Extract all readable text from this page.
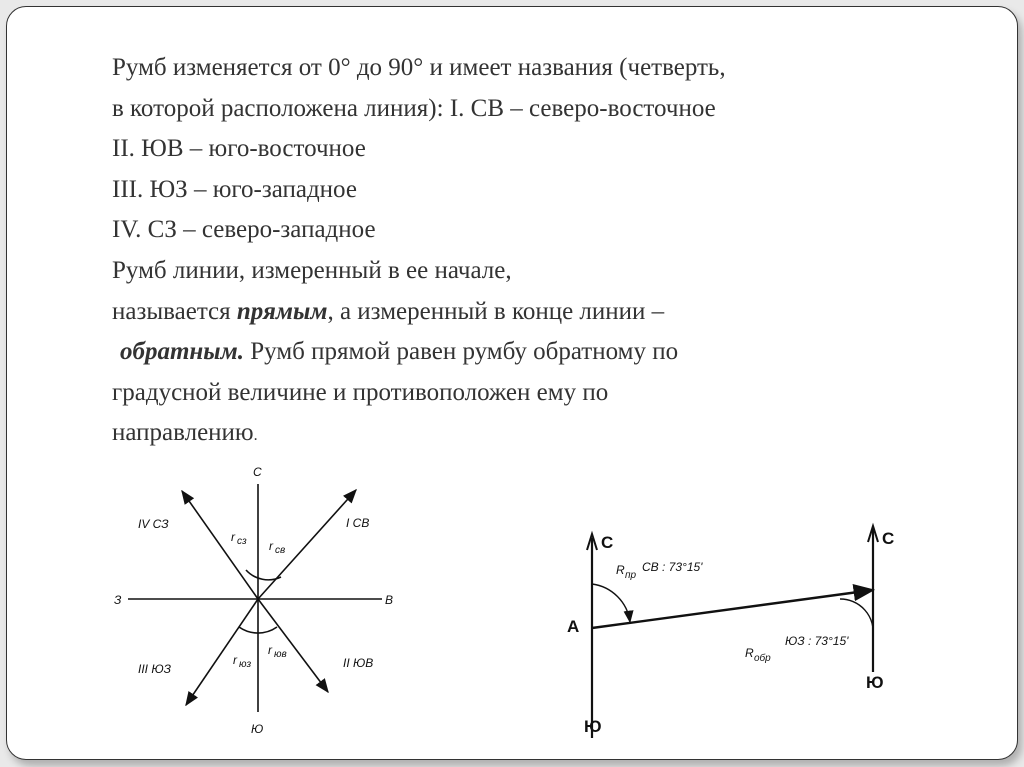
Румб изменяется от 0° до 90° и имеет названия (четверть,
в которой расположена линия): I. СВ – северо-восточное
II. ЮВ – юго-восточное
III. ЮЗ – юго-западное
IV. СЗ – северо-западное
Румб линии, измеренный в ее начале,
называется прямым, а измеренный в конце линии –
обратным. Румб прямой равен румбу обратному по
градусной величине и противоположен ему по
направлению.
С
Ю
З	В
I СВ
II ЮВ
III ЮЗ
IV СЗ
r сз r св
r юз
r юв
А
С
Ю
С
Ю
R пр
СВ : 73°15'
R обр
ЮЗ : 73°15'
